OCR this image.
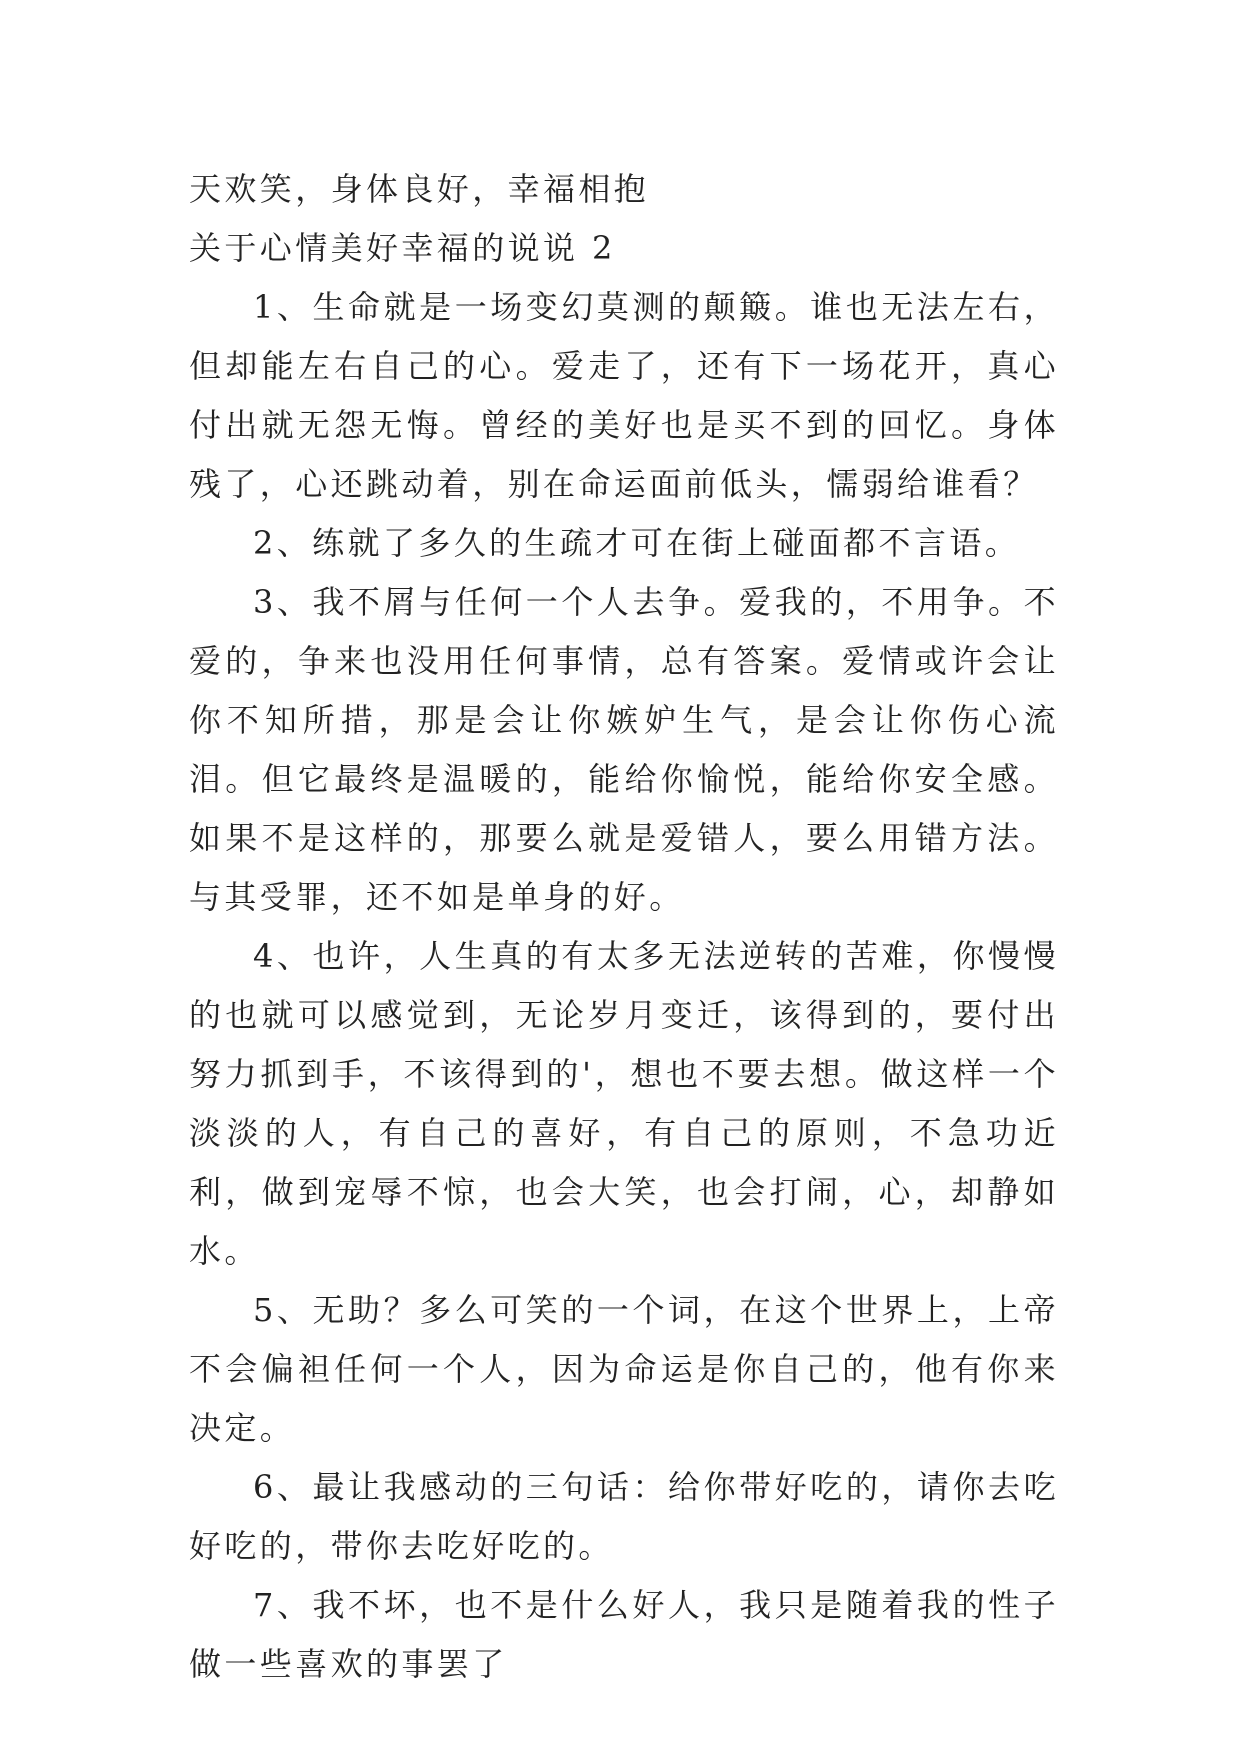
天欢笑，身体良好，幸福相抱

关于心情美好幸福的说说 2

1、生命就是一场变幻莫测的颠簸。谁也无法左右，但却能左右自己的心。爱走了，还有下一场花开，真心付出就无怨无悔。曾经的美好也是买不到的回忆。身体残了，心还跳动着，别在命运面前低头，懦弱给谁看？

2、练就了多久的生疏才可在街上碰面都不言语。

3、我不屑与任何一个人去争。爱我的，不用争。不爱的，争来也没用任何事情，总有答案。爱情或许会让你不知所措，那是会让你嫉妒生气，是会让你伤心流泪。但它最终是温暖的，能给你愉悦，能给你安全感。如果不是这样的，那要么就是爱错人，要么用错方法。与其受罪，还不如是单身的好。

4、也许，人生真的有太多无法逆转的苦难，你慢慢的也就可以感觉到，无论岁月变迁，该得到的，要付出努力抓到手，不该得到的'，想也不要去想。做这样一个淡淡的人，有自己的喜好，有自己的原则，不急功近利，做到宠辱不惊，也会大笑，也会打闹，心，却静如水。

5、无助？多么可笑的一个词，在这个世界上，上帝不会偏袒任何一个人，因为命运是你自己的，他有你来决定。

6、最让我感动的三句话：给你带好吃的，请你去吃好吃的，带你去吃好吃的。

7、我不坏，也不是什么好人，我只是随着我的性子做一些喜欢的事罢了
